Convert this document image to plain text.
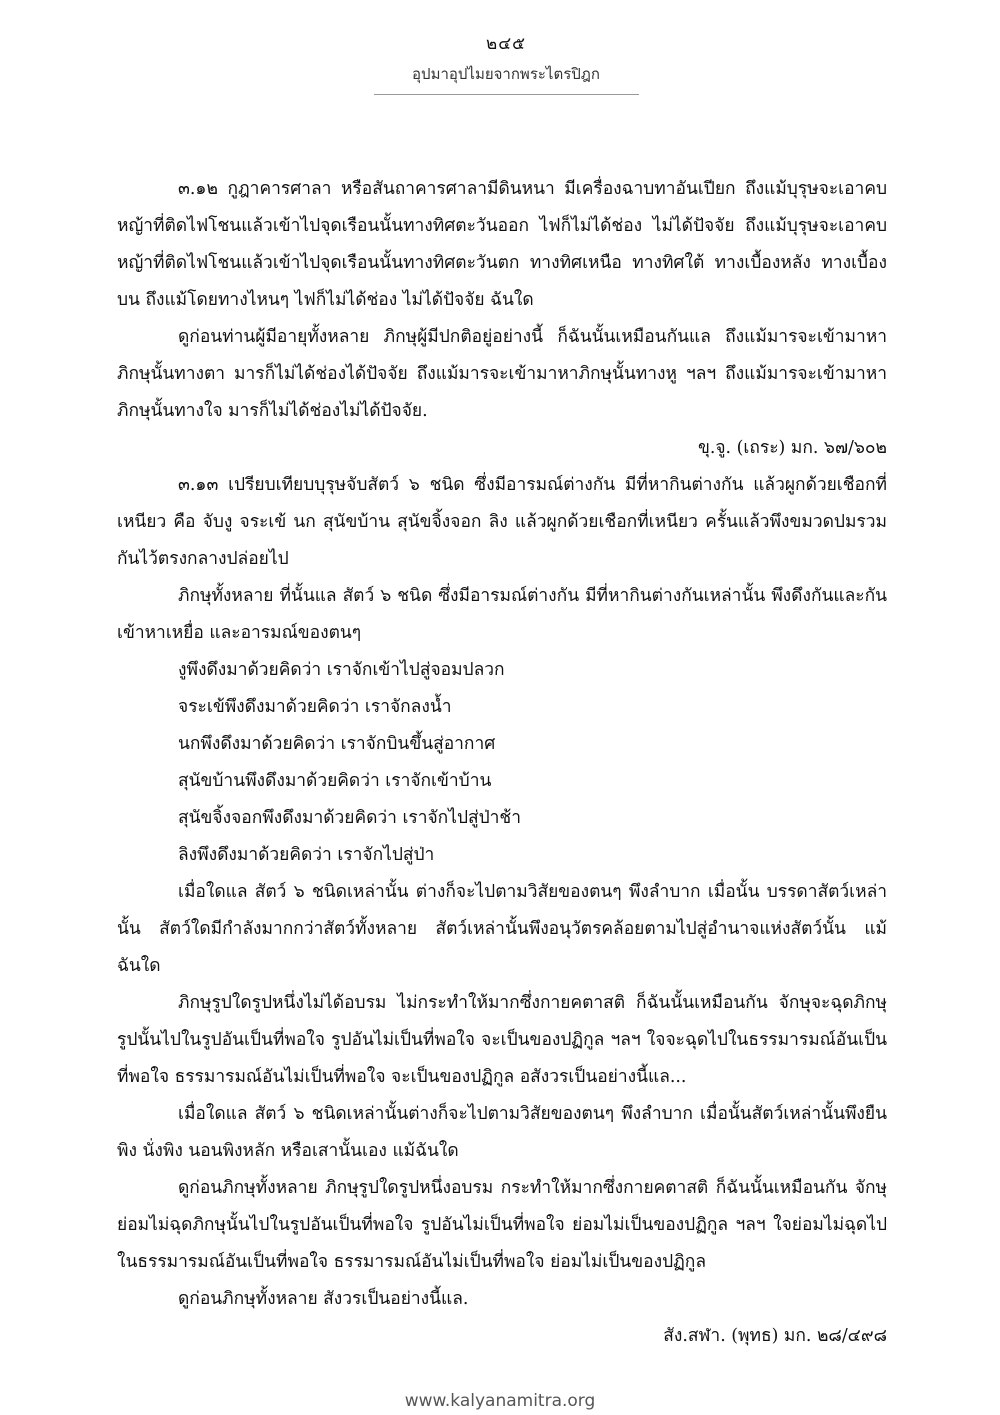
๒๔๕
อุปมาอุปไมยจากพระไตรปิฎก

๓.๑๒ กูฎาคารศาลา หรือสันถาคารศาลามีดินหนา มีเครื่องฉาบทาอันเปียก ถึงแม้บุรุษจะเอาคบหญ้าที่ติดไฟโชนแล้วเข้าไปจุดเรือนนั้นทางทิศตะวันออก ไฟก็ไม่ได้ช่อง ไม่ได้ปัจจัย ถึงแม้บุรุษจะเอาคบหญ้าที่ติดไฟโชนแล้วเข้าไปจุดเรือนนั้นทางทิศตะวันตก ทางทิศเหนือ ทางทิศใต้ ทางเบื้องหลัง ทางเบื้องบน ถึงแม้โดยทางไหนๆ ไฟก็ไม่ได้ช่อง ไม่ได้ปัจจัย ฉันใด

ดูก่อนท่านผู้มีอายุทั้งหลาย ภิกษุผู้มีปกติอยู่อย่างนี้ ก็ฉันนั้นเหมือนกันแล ถึงแม้มารจะเข้ามาหาภิกษุนั้นทางตา มารก็ไม่ได้ช่องได้ปัจจัย ถึงแม้มารจะเข้ามาหาภิกษุนั้นทางหู ฯลฯ ถึงแม้มารจะเข้ามาหาภิกษุนั้นทางใจ มารก็ไม่ได้ช่องไม่ได้ปัจจัย.

ขุ.จู. (เถระ) มก. ๖๗/๖๐๒

๓.๑๓ เปรียบเทียบบุรุษจับสัตว์ ๖ ชนิด ซึ่งมีอารมณ์ต่างกัน มีที่หากินต่างกัน แล้วผูกด้วยเชือกที่เหนียว คือ จับงู จระเข้ นก สุนัขบ้าน สุนัขจิ้งจอก ลิง แล้วผูกด้วยเชือกที่เหนียว ครั้นแล้วพึงขมวดปมรวมกันไว้ตรงกลางปล่อยไป

ภิกษุทั้งหลาย ที่นั้นแล สัตว์ ๖ ชนิด ซึ่งมีอารมณ์ต่างกัน มีที่หากินต่างกันเหล่านั้น พึงดึงกันและกันเข้าหาเหยื่อ และอารมณ์ของตนๆ

งูพึงดึงมาด้วยคิดว่า เราจักเข้าไปสู่จอมปลวก

จระเข้พึงดึงมาด้วยคิดว่า เราจักลงน้ำ

นกพึงดึงมาด้วยคิดว่า เราจักบินขึ้นสู่อากาศ

สุนัขบ้านพึงดึงมาด้วยคิดว่า เราจักเข้าบ้าน

สุนัขจิ้งจอกพึงดึงมาด้วยคิดว่า เราจักไปสู่ป่าช้า

ลิงพึงดึงมาด้วยคิดว่า เราจักไปสู่ป่า

เมื่อใดแล สัตว์ ๖ ชนิดเหล่านั้น ต่างก็จะไปตามวิสัยของตนๆ พึงลำบาก เมื่อนั้น บรรดาสัตว์เหล่านั้น สัตว์ใดมีกำลังมากกว่าสัตว์ทั้งหลาย สัตว์เหล่านั้นพึงอนุวัตรคล้อยตามไปสู่อำนาจแห่งสัตว์นั้น แม้ฉันใด

ภิกษุรูปใดรูปหนึ่งไม่ได้อบรม ไม่กระทำให้มากซึ่งกายคตาสติ ก็ฉันนั้นเหมือนกัน จักษุจะฉุดภิกษุรูปนั้นไปในรูปอันเป็นที่พอใจ รูปอันไม่เป็นที่พอใจ จะเป็นของปฏิกูล ฯลฯ ใจจะฉุดไปในธรรมารมณ์อันเป็นที่พอใจ ธรรมารมณ์อันไม่เป็นที่พอใจ จะเป็นของปฏิกูล อสังวรเป็นอย่างนี้แล...

เมื่อใดแล สัตว์ ๖ ชนิดเหล่านั้นต่างก็จะไปตามวิสัยของตนๆ พึงลำบาก เมื่อนั้นสัตว์เหล่านั้นพึงยืนพิง นั่งพิง นอนพิงหลัก หรือเสานั้นเอง แม้ฉันใด

ดูก่อนภิกษุทั้งหลาย ภิกษุรูปใดรูปหนึ่งอบรม กระทำให้มากซึ่งกายคตาสติ ก็ฉันนั้นเหมือนกัน จักษุย่อมไม่ฉุดภิกษุนั้นไปในรูปอันเป็นที่พอใจ รูปอันไม่เป็นที่พอใจ ย่อมไม่เป็นของปฏิกูล ฯลฯ ใจย่อมไม่ฉุดไปในธรรมารมณ์อันเป็นที่พอใจ ธรรมารมณ์อันไม่เป็นที่พอใจ ย่อมไม่เป็นของปฏิกูล

ดูก่อนภิกษุทั้งหลาย สังวรเป็นอย่างนี้แล.

สัง.สฬา. (พุทธ) มก. ๒๘/๔๙๘

www.kalyanamitra.org
